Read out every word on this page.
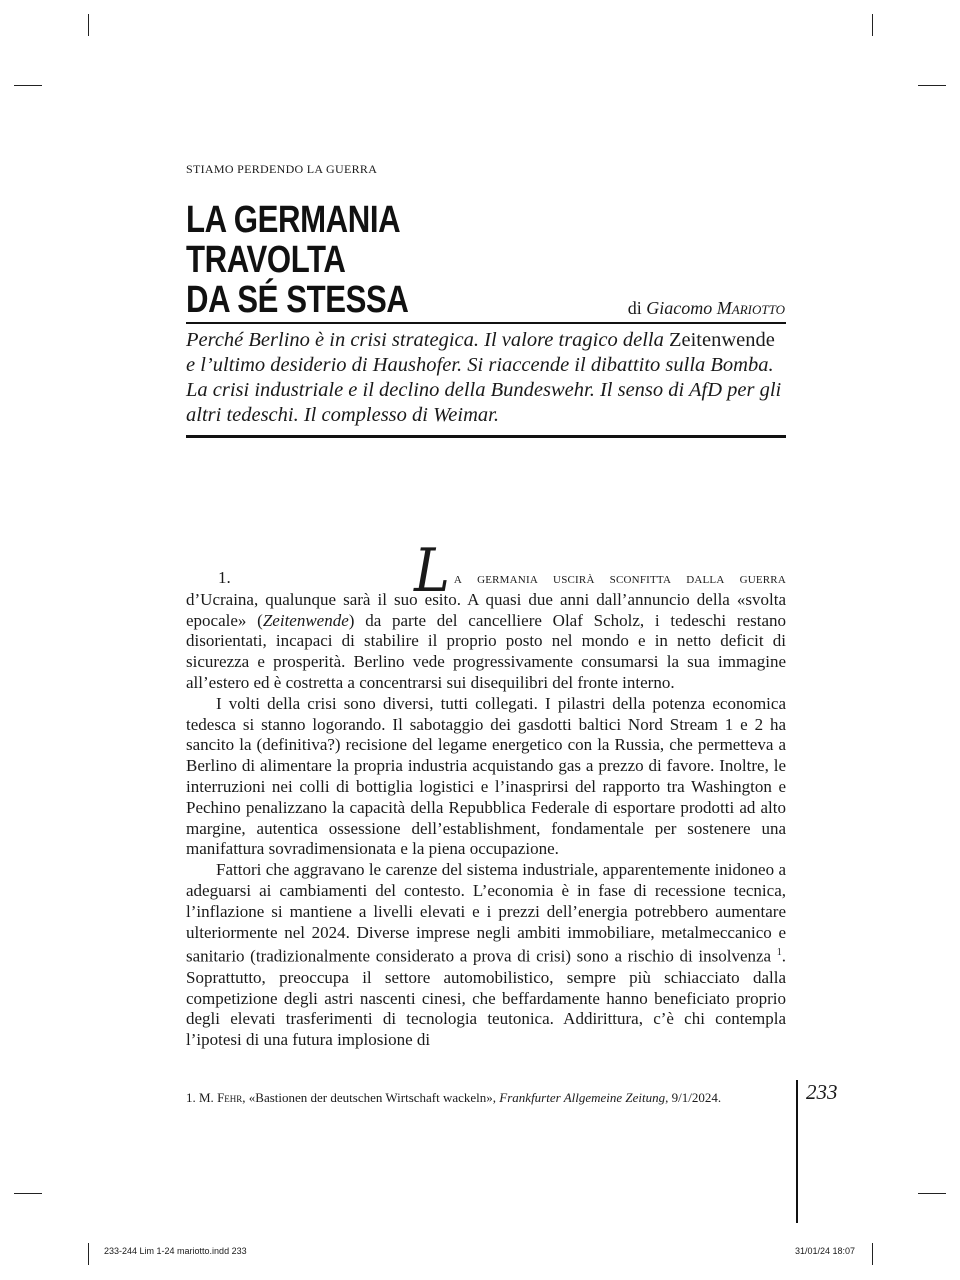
STIAMO PERDENDO LA GUERRA
LA GERMANIA
TRAVOLTA
DA SÉ STESSA	di Giacomo Mariotto

Perché Berlino è in crisi strategica. Il valore tragico della Zeitenwende e l’ultimo desiderio di Haushofer. Si riaccende il dibattito sulla Bomba. La crisi industriale e il declino della Bundeswehr. Il senso di AfD per gli altri tedeschi. Il complesso di Weimar.

1.	L a germania uscirà sconfitta dalla guerra d’Ucraina, qualunque sarà il suo esito. A quasi due anni dall’annuncio della «svolta epocale» (Zeitenwende) da parte del cancelliere Olaf Scholz, i tedeschi restano disorientati, incapaci di stabilire il proprio posto nel mondo e in netto deficit di sicurezza e prosperità. Berlino vede progressivamente consumarsi la sua immagine all’estero ed è costretta a concentrarsi sui disequilibri del fronte interno.

I volti della crisi sono diversi, tutti collegati. I pilastri della potenza economica tedesca si stanno logorando. Il sabotaggio dei gasdotti baltici Nord Stream 1 e 2 ha sancito la (definitiva?) recisione del legame energetico con la Russia, che permetteva a Berlino di alimentare la propria industria acquistando gas a prezzo di favore. Inoltre, le interruzioni nei colli di bottiglia logistici e l’inasprirsi del rapporto tra Washington e Pechino penalizzano la capacità della Repubblica Federale di esportare prodotti ad alto margine, autentica ossessione dell’establishment, fondamentale per sostenere una manifattura sovradimensionata e la piena occupazione.

Fattori che aggravano le carenze del sistema industriale, apparentemente inidoneo a adeguarsi ai cambiamenti del contesto. L’economia è in fase di recessione tecnica, l’inflazione si mantiene a livelli elevati e i prezzi dell’energia potrebbero aumentare ulteriormente nel 2024. Diverse imprese negli ambiti immobiliare, metalmeccanico e sanitario (tradizionalmente considerato a prova di crisi) sono a rischio di insolvenza $^1$. Soprattutto, preoccupa il settore automobilistico, sempre più schiacciato dalla competizione degli astri nascenti cinesi, che beffardamente hanno beneficiato proprio degli elevati trasferimenti di tecnologia teutonica. Addirittura, c’è chi contempla l’ipotesi di una futura implosione di

1. M. Fehr, «Bastionen der deutschen Wirtschaft wackeln», Frankfurter Allgemeine Zeitung, 9/1/2024.	233
233-244 Lim 1-24 mariotto.indd 233	31/01/24 18:07
